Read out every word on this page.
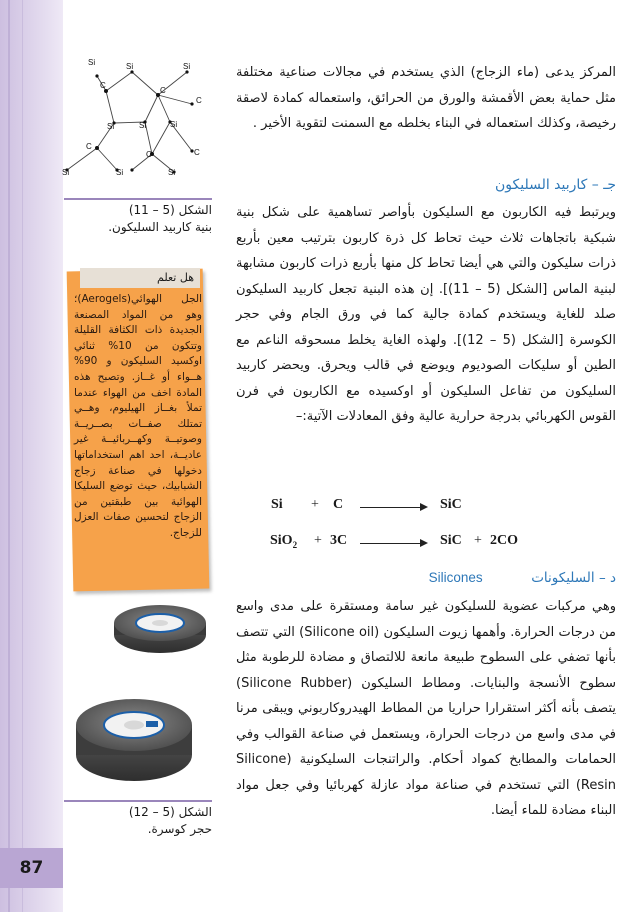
87
Si	Si	Si
C
C
C
Si	Si	Si
C
C	C
Si	Si	Si
الشكل (5 – 11)
بنية كاربيد السليكون.
هل تعلم
الجل الهوائي(Aerogels)؛ وهو من المواد المصنعة الجديدة ذات الكثافة القليلة وتتكون من 10% ثنائي اوكسيد السليكون و 90% هــواء أو غــاز. وتصبح هذه المادة اخف من الهواء عندما تملأ بغــاز الهيليوم، وهــي تمتلك صفــات بصــريــة وصوتيــة وكهــربائيــة غير عاديــة، احد اهم استخداماتها دخولها في صناعة زجاج الشبابيك، حيث توضع السليكا الهوائية بين طبقتين من الزجاج لتحسين صفات العزل للزجاج.
الشكل (5 – 12)
حجر كوسرة.
المركز يدعى (ماء الزجاج) الذي يستخدم في مجالات صناعية مختلفة مثل حماية بعض الأقمشة والورق من الحرائق، واستعماله كمادة لاصقة رخيصة، وكذلك استعماله في البناء بخلطه مع السمنت لتقوية الأخير .
جـ – كاربيد السليكون
ويرتبط فيه الكاربون مع السليكون بأواصر تساهمية على شكل بنية شبكية باتجاهات ثلاث حيث تحاط كل ذرة كاربون بترتيب معين بأربع ذرات سليكون والتي هي أيضا تحاط كل منها بأربع ذرات كاربون مشابهة لبنية الماس [الشكل (5 – 11)]. إن هذه البنية تجعل كاربيد السليكون صلد للغاية ويستخدم كمادة جالية كما في ورق الجام وفي حجر الكوسرة [الشكل (5 – 12)]. ولهذه الغاية يخلط مسحوقه الناعم مع الطين أو سليكات الصوديوم ويوضع في قالب ويحرق. ويحضر كاربيد السليكون من تفاعل السليكون أو اوكسيده مع الكاربون في فرن القوس الكهربائي بدرجة حرارية عالية وفق المعادلات الآتية:–
Si + C	SiC
SiO$_2$ + 3C	SiC + 2CO
د – السليكونات  Silicones
وهي مركبات عضوية للسليكون غير سامة ومستقرة على مدى واسع من درجات الحرارة. وأهمها زيوت السليكون (Silicone oil) التي تتصف بأنها تضفي على السطوح طبيعة مانعة للالتصاق و مضادة للرطوبة مثل سطوح الأنسجة والبنايات. ومطاط السليكون (Silicone Rubber) يتصف بأنه أكثر استقرارا حراريا من المطاط الهيدروكاربوني ويبقى مرنا في مدى واسع من درجات الحرارة، ويستعمل في صناعة القوالب وفي الحمامات والمطابخ كمواد أحكام. والراتنجات السليكونية (Silicone Resin) التي تستخدم في صناعة مواد عازلة كهربائيا وفي جعل مواد البناء مضادة للماء أيضا.
